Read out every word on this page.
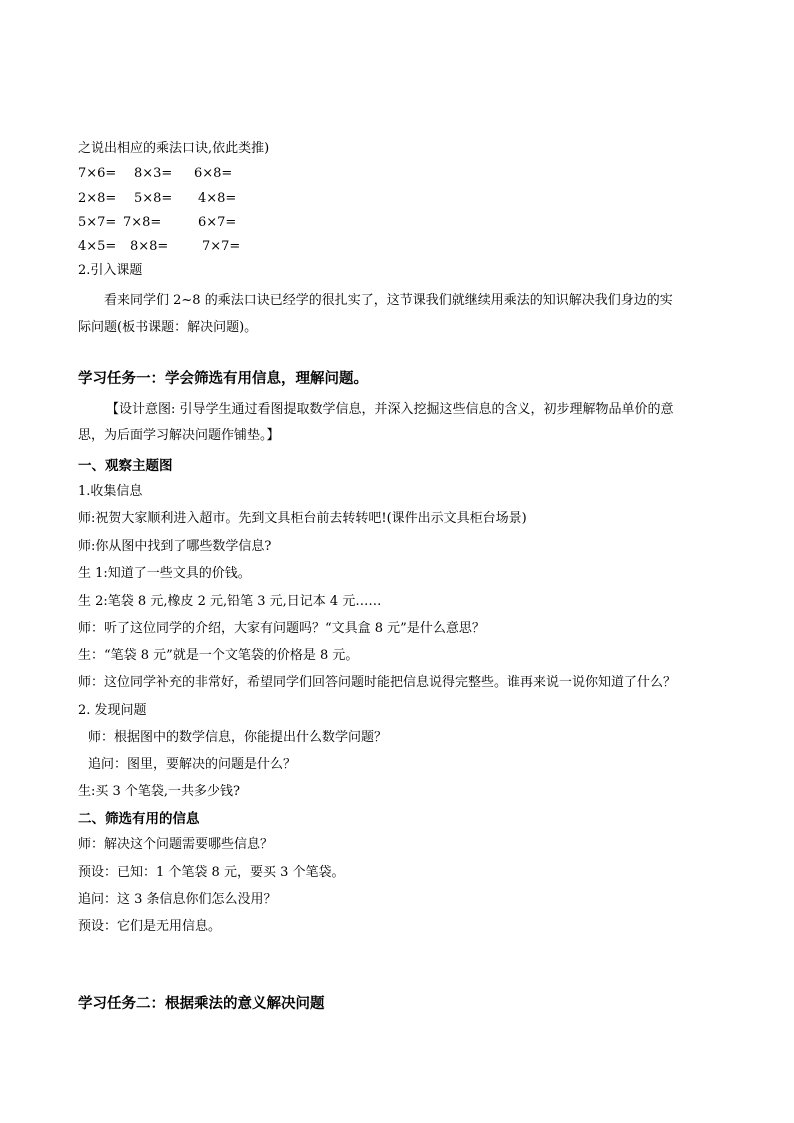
之说出相应的乘法口诀,依此类推)
7×6= 8×3= 6×8=
2×8= 5×8= 4×8=
5×7= 7×8=	6×7=
4×5= 8×8=	7×7=
2.引入课题
看来同学们 2~8 的乘法口诀已经学的很扎实了，这节课我们就继续用乘法的知识解决我们身边的实
际问题(板书课题：解决问题)。
学习任务一：学会筛选有用信息，理解问题。
【设计意图: 引导学生通过看图提取数学信息，并深入挖掘这些信息的含义，初步理解物品单价的意
思，为后面学习解决问题作铺垫。】
一、观察主题图
1.收集信息
师:祝贺大家顺利进入超市。先到文具柜台前去转转吧!(课件出示文具柜台场景)
师:你从图中找到了哪些数学信息?
生 1:知道了一些文具的价钱。
生 2:笔袋 8 元,橡皮 2 元,铅笔 3 元,日记本 4 元……
师：听了这位同学的介绍，大家有问题吗？“文具盒 8 元”是什么意思？
生：“笔袋 8 元”就是一个文笔袋的价格是 8 元。
师：这位同学补充的非常好，希望同学们回答问题时能把信息说得完整些。谁再来说一说你知道了什么？
2. 发现问题
师：根据图中的数学信息，你能提出什么数学问题？
追问：图里，要解决的问题是什么？
生:买 3 个笔袋,一共多少钱?
二、筛选有用的信息
师：解决这个问题需要哪些信息？
预设：已知：1 个笔袋 8 元，要买 3 个笔袋。
追问：这 3 条信息你们怎么没用？
预设：它们是无用信息。
学习任务二：根据乘法的意义解决问题
